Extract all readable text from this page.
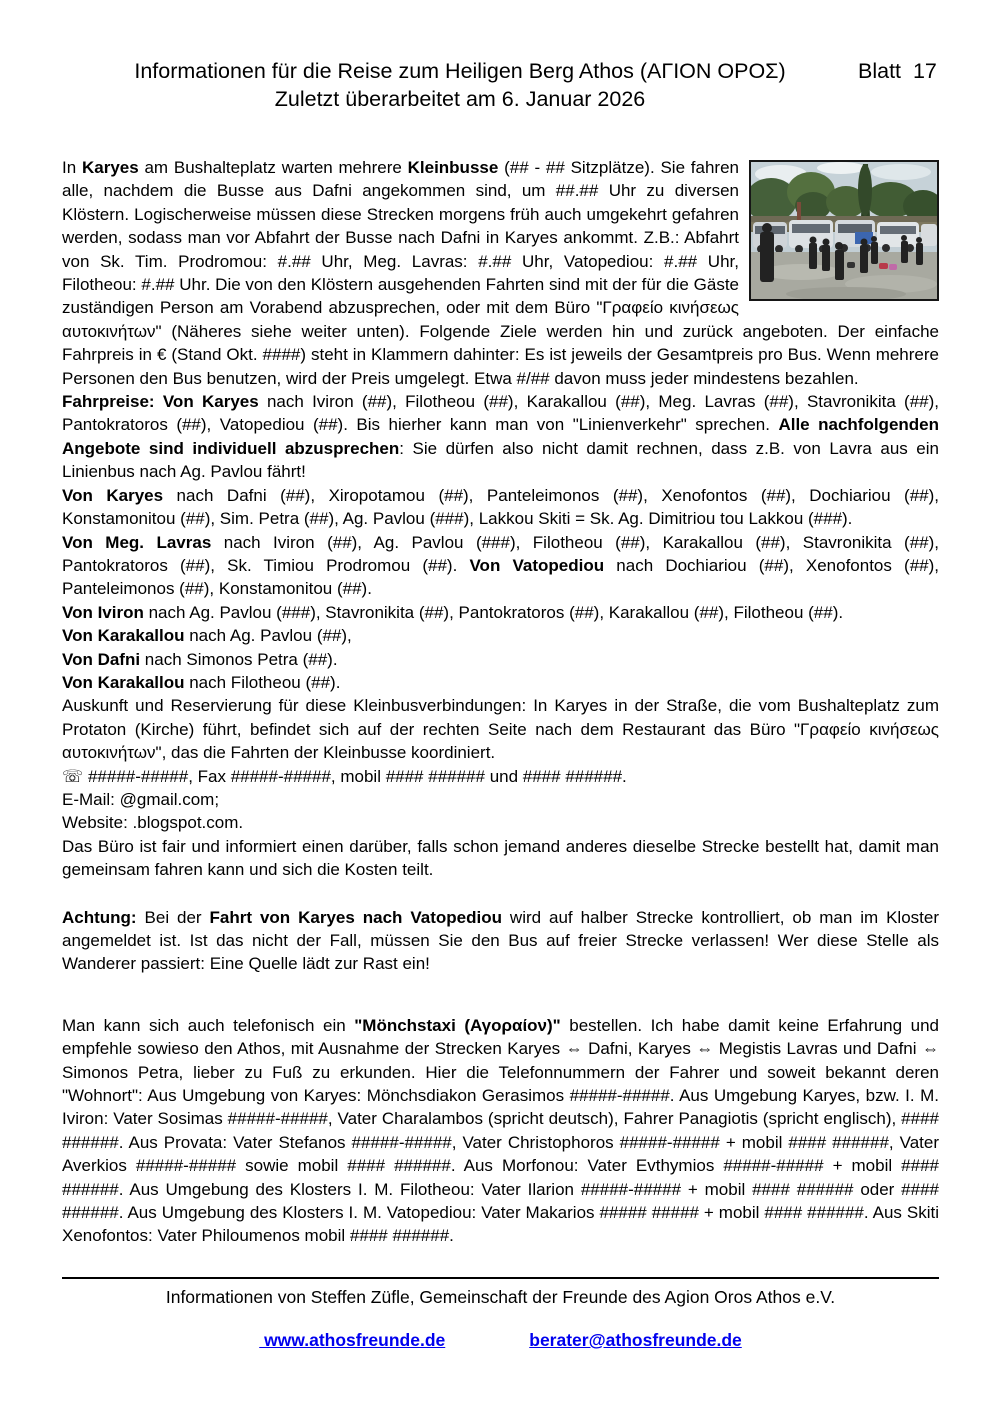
Informationen für die Reise zum Heiligen Berg Athos (ΑΓΙΟΝ ΟΡΟΣ)	Blatt  17
Zuletzt überarbeitet am 6. Januar 2026

In Karyes am Bushalteplatz warten mehrere Kleinbusse (## - ## Sitzplätze). Sie fahren alle, nachdem die Busse aus Dafni angekommen sind, um ##.## Uhr zu diversen Klöstern. Logischerweise müssen diese Strecken morgens früh auch umgekehrt gefahren werden, sodass man vor Abfahrt der Busse nach Dafni in Karyes ankommt. Z.B.: Abfahrt von Sk. Tim. Prodromou: #.## Uhr, Meg. Lavras: #.## Uhr, Vatopediou: #.## Uhr, Filotheou: #.## Uhr. Die von den Klöstern ausgehenden Fahrten sind mit der für die Gäste zuständigen Person am Vorabend abzusprechen, oder mit dem Büro "Γραφείο κινήσεως αυτοκινήτων" (Näheres siehe weiter unten). Folgende Ziele werden hin und zurück angeboten. Der einfache Fahrpreis in € (Stand Okt. ####) steht in Klammern dahinter: Es ist jeweils der Gesamtpreis pro Bus. Wenn mehrere Personen den Bus benutzen, wird der Preis umgelegt. Etwa #/## davon muss jeder mindestens bezahlen.

Fahrpreise: Von Karyes nach Iviron (##), Filotheou (##), Karakallou (##), Meg. Lavras (##), Stavronikita (##), Pantokratoros (##), Vatopediou (##). Bis hierher kann man von "Linienverkehr" sprechen. Alle nachfolgenden Angebote sind individuell abzusprechen: Sie dürfen also nicht damit rechnen, dass z.B. von Lavra aus ein Linienbus nach Ag. Pavlou fährt!

Von Karyes nach Dafni (##), Xiropotamou (##), Panteleimonos (##), Xenofontos (##), Dochiariou (##), Konstamonitou (##), Sim. Petra (##), Ag. Pavlou (###), Lakkou Skiti = Sk. Ag. Dimitriou tou Lakkou (###).

Von Meg. Lavras nach Iviron (##), Ag. Pavlou (###), Filotheou (##), Karakallou (##), Stavronikita (##), Pantokratoros (##), Sk. Timiou Prodromou (##). Von Vatopediou nach Dochiariou (##), Xenofontos (##), Panteleimonos (##), Konstamonitou (##).

Von Iviron nach Ag. Pavlou (###), Stavronikita (##), Pantokratoros (##), Karakallou (##), Filotheou (##).

Von Karakallou nach Ag. Pavlou (##),

Von Dafni nach Simonos Petra (##).

Von Karakallou nach Filotheou (##).

Auskunft und Reservierung für diese Kleinbusverbindungen: In Karyes in der Straße, die vom Bushalteplatz zum Protaton (Kirche) führt, befindet sich auf der rechten Seite nach dem Restaurant das Büro "Γραφείο κινήσεως αυτοκινήτων", das die Fahrten der Kleinbusse koordiniert.

☏ #####-#####, Fax #####-#####, mobil #### ###### und #### ######.

E-Mail: @gmail.com;

Website: .blogspot.com.

Das Büro ist fair und informiert einen darüber, falls schon jemand anderes dieselbe Strecke bestellt hat, damit man gemeinsam fahren kann und sich die Kosten teilt.

Achtung: Bei der Fahrt von Karyes nach Vatopediou wird auf halber Strecke kontrolliert, ob man im Kloster angemeldet ist. Ist das nicht der Fall, müssen Sie den Bus auf freier Strecke verlassen! Wer diese Stelle als Wanderer passiert: Eine Quelle lädt zur Rast ein!

Man kann sich auch telefonisch ein "Mönchstaxi (Αγοραίον)" bestellen. Ich habe damit keine Erfahrung und empfehle sowieso den Athos, mit Ausnahme der Strecken Karyes ⇔ Dafni, Karyes ⇔ Megistis Lavras und Dafni ⇔ Simonos Petra, lieber zu Fuß zu erkunden. Hier die Telefonnummern der Fahrer und soweit bekannt deren "Wohnort": Aus Umgebung von Karyes: Mönchsdiakon Gerasimos #####-#####. Aus Umgebung Karyes, bzw. I. M. Iviron: Vater Sosimas #####-#####, Vater Charalambos (spricht deutsch), Fahrer Panagiotis (spricht englisch), #### ######. Aus Provata: Vater Stefanos #####-#####, Vater Christophoros #####-##### + mobil #### ######, Vater Averkios #####-##### sowie mobil #### ######. Aus Morfonou: Vater Evthymios #####-##### + mobil #### ######. Aus Umgebung des Klosters I. M. Filotheou: Vater Ilarion #####-##### + mobil #### ###### oder #### ######. Aus Umgebung des Klosters I. M. Vatopediou: Vater Makarios ##### ##### + mobil #### ######. Aus Skiti Xenofontos: Vater Philoumenos mobil #### ######.

Informationen von Steffen Züfle, Gemeinschaft der Freunde des Agion Oros Athos e.V.
www.athosfreunde.de	berater@athosfreunde.de
